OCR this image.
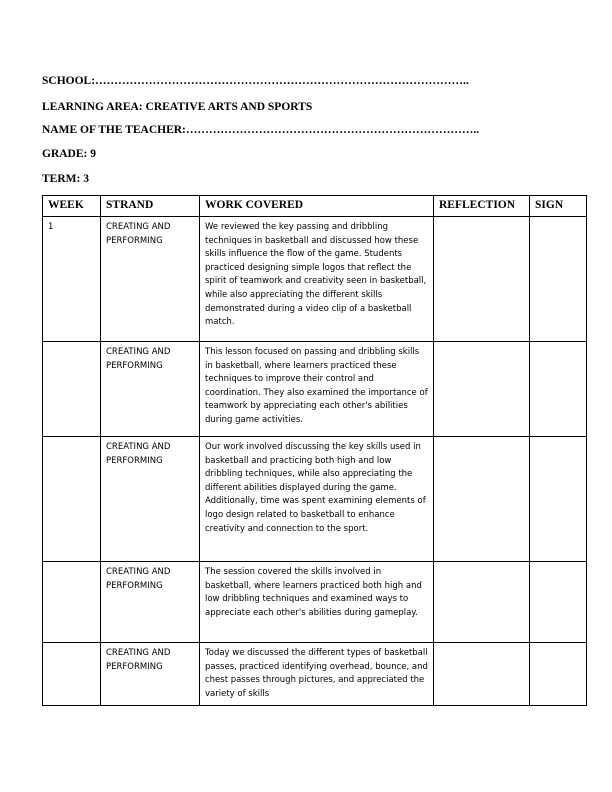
SCHOOL:……………………………………………………………………………………..
LEARNING AREA: CREATIVE ARTS AND SPORTS
NAME OF THE TEACHER:…………………………………………………………………..
GRADE: 9
TERM: 3
WEEK	STRAND	WORK COVERED	REFLECTION	SIGN
1	CREATING AND PERFORMING	We reviewed the key passing and dribbling techniques in basketball and discussed how these skills influence the flow of the game. Students practiced designing simple logos that reflect the spirit of teamwork and creativity seen in basketball, while also appreciating the different skills demonstrated during a video clip of a basketball match.		
	CREATING AND PERFORMING	This lesson focused on passing and dribbling skills in basketball, where learners practiced these techniques to improve their control and coordination. They also examined the importance of teamwork by appreciating each other's abilities during game activities.		
	CREATING AND PERFORMING	Our work involved discussing the key skills used in basketball and practicing both high and low dribbling techniques, while also appreciating the different abilities displayed during the game. Additionally, time was spent examining elements of logo design related to basketball to enhance creativity and connection to the sport.		
	CREATING AND PERFORMING	The session covered the skills involved in basketball, where learners practiced both high and low dribbling techniques and examined ways to appreciate each other's abilities during gameplay.		
	CREATING AND PERFORMING	Today we discussed the different types of basketball passes, practiced identifying overhead, bounce, and chest passes through pictures, and appreciated the variety of skills		
